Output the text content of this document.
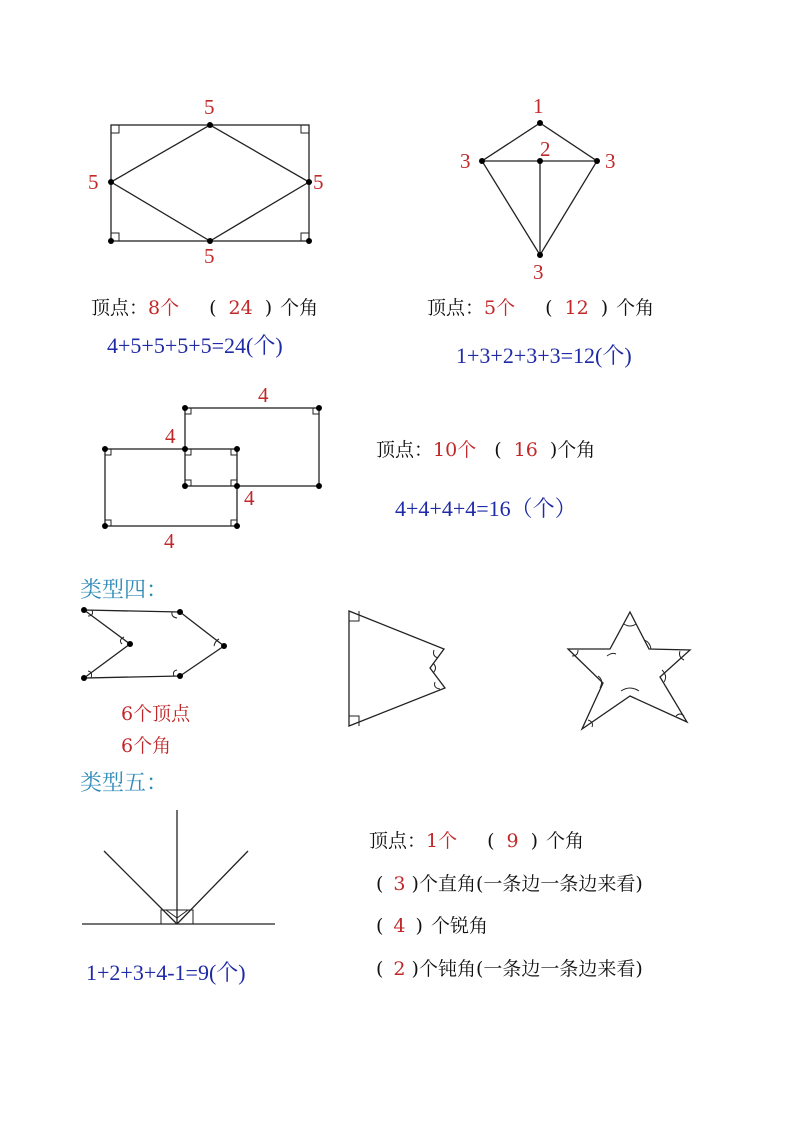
5
5	5
5
顶点：8个 ( 24 ) 个角
4+5+5+5+5=24(个)
1
3	2	3
3
顶点：5个 ( 12 ) 个角
1+3+2+3+3=12(个)
4
4
4
4
顶点：10个 ( 16 )个角
4+4+4+4=16（个）
类型四：
6个顶点
6个角
类型五：
1+2+3+4-1=9(个)
顶点：1个 ( 9 ) 个角
( 3 )个直角(一条边一条边来看)
( 4 ) 个锐角
( 2 )个钝角(一条边一条边来看)
